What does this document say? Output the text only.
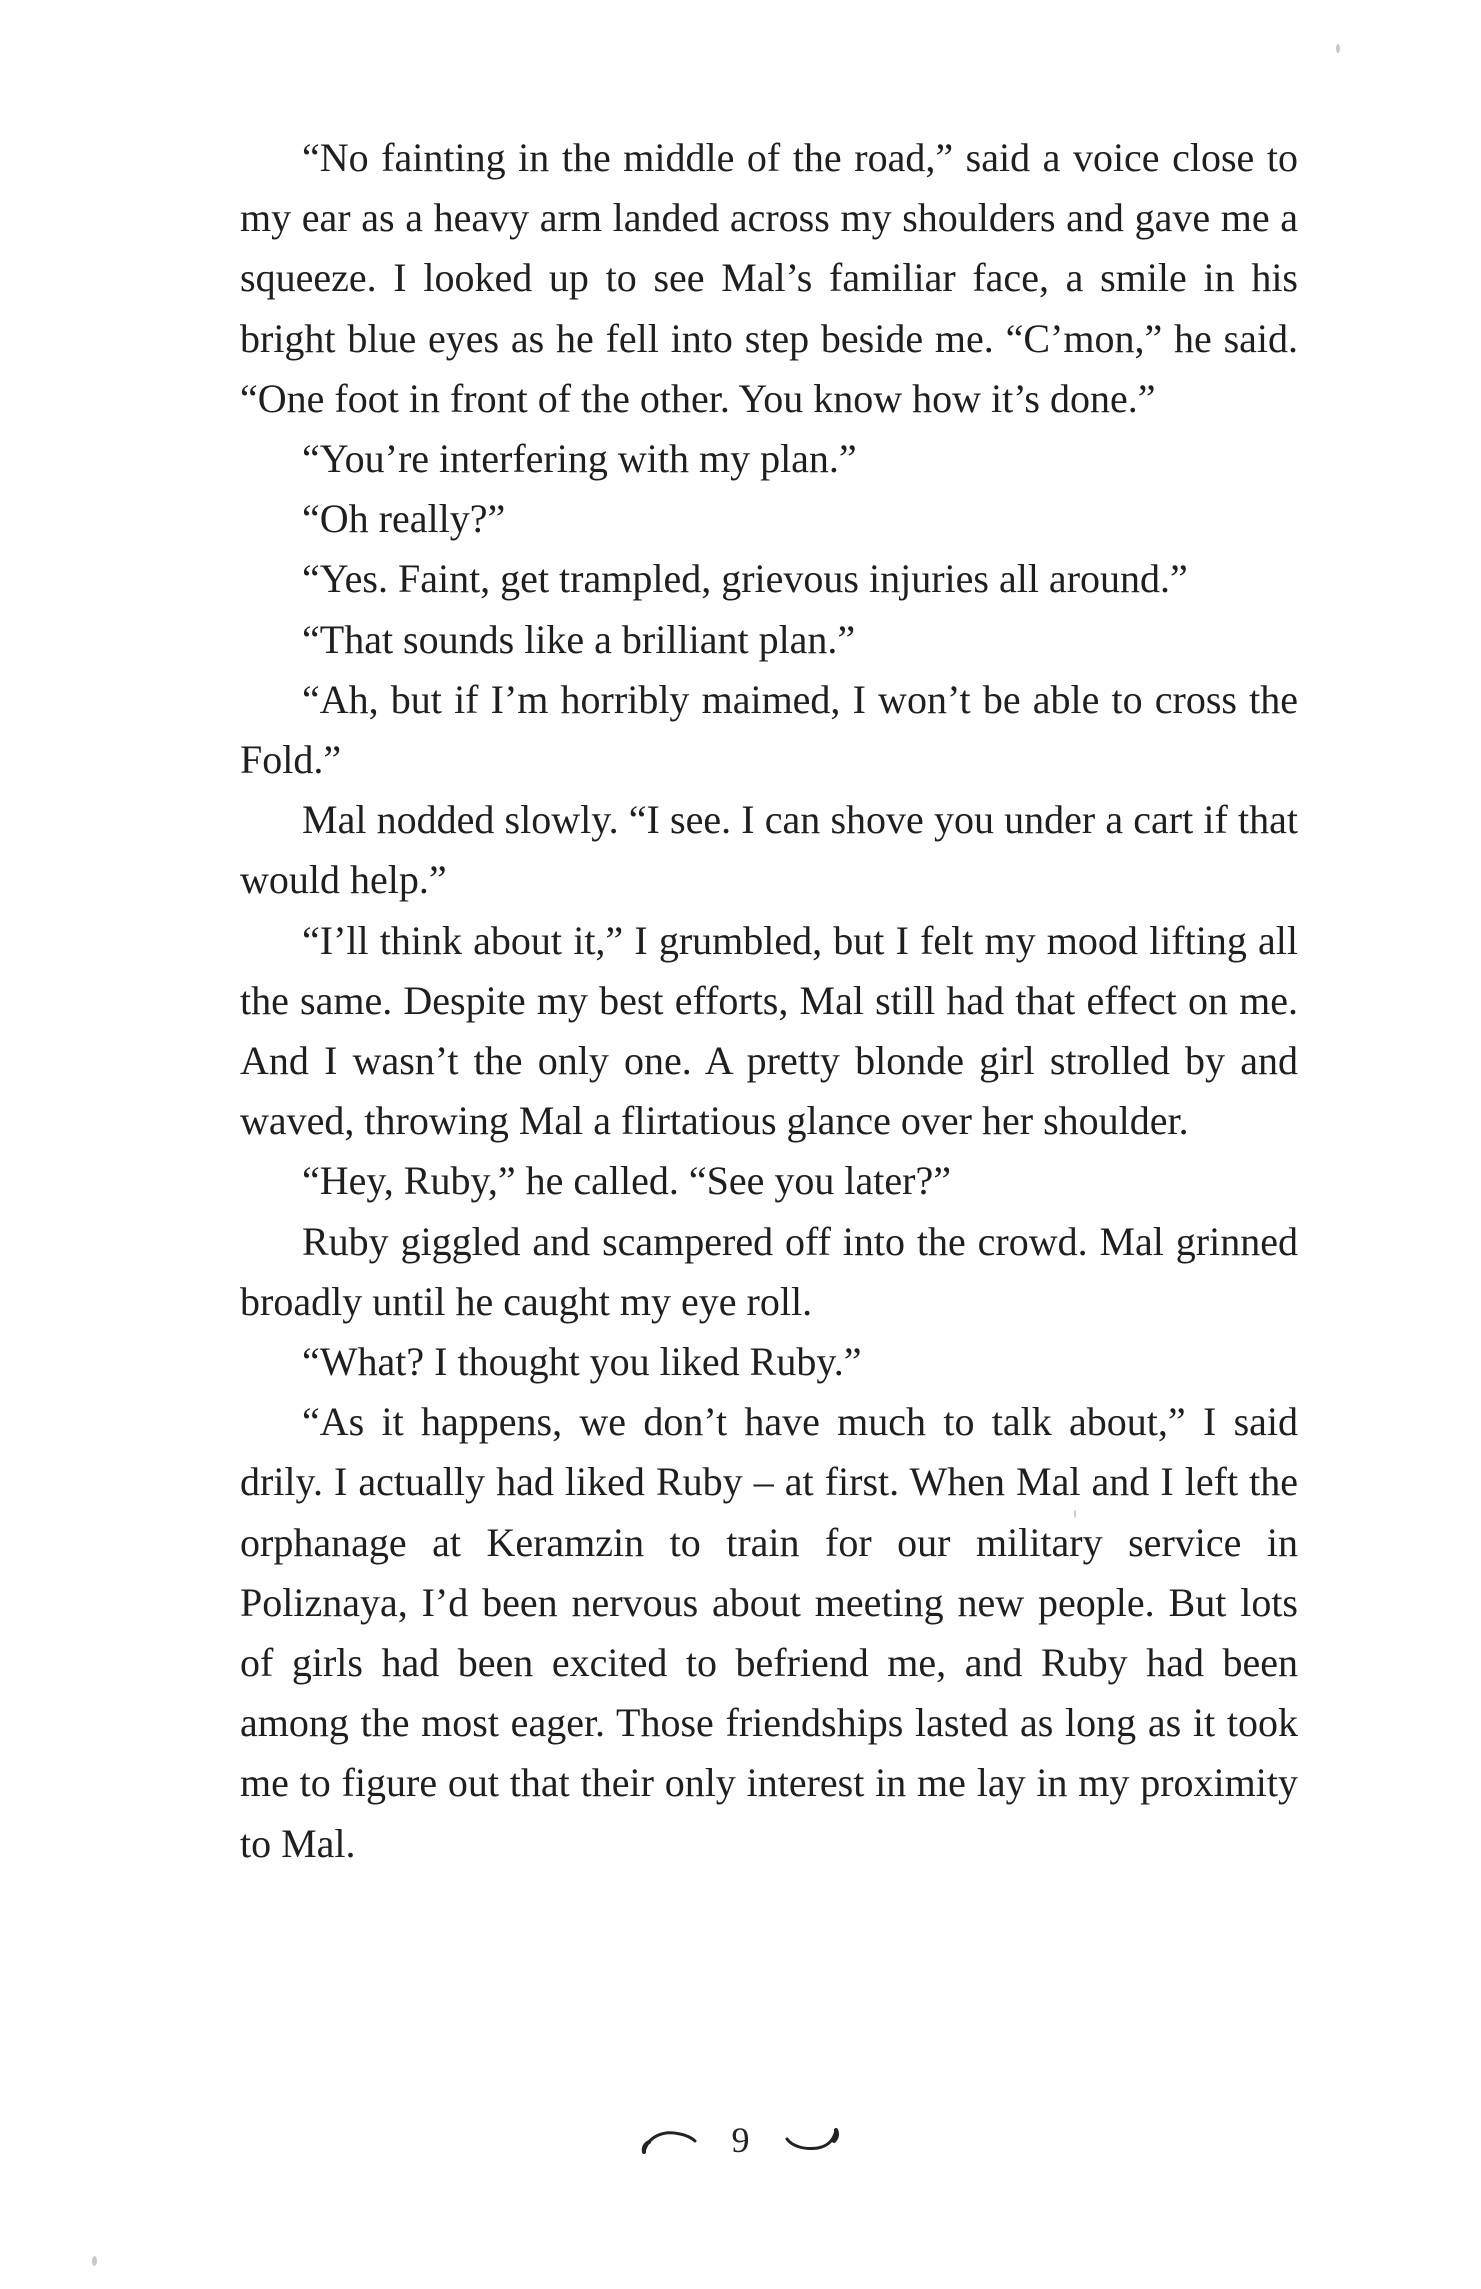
“No fainting in the middle of the road,” said a voice close to my ear as a heavy arm landed across my shoulders and gave me a squeeze. I looked up to see Mal’s familiar face, a smile in his bright blue eyes as he fell into step beside me. “C’mon,” he said. “One foot in front of the other. You know how it’s done.”

“You’re interfering with my plan.”

“Oh really?”

“Yes. Faint, get trampled, grievous injuries all around.”

“That sounds like a brilliant plan.”

“Ah, but if I’m horribly maimed, I won’t be able to cross the Fold.”

Mal nodded slowly. “I see. I can shove you under a cart if that would help.”

“I’ll think about it,” I grumbled, but I felt my mood lifting all the same. Despite my best efforts, Mal still had that effect on me. And I wasn’t the only one. A pretty blonde girl strolled by and waved, throwing Mal a flirtatious glance over her shoulder.

“Hey, Ruby,” he called. “See you later?”

Ruby giggled and scampered off into the crowd. Mal grinned broadly until he caught my eye roll.

“What? I thought you liked Ruby.”

“As it happens, we don’t have much to talk about,” I said drily. I actually had liked Ruby – at first. When Mal and I left the orphanage at Keramzin to train for our military service in Poliznaya, I’d been nervous about meeting new people. But lots of girls had been excited to befriend me, and Ruby had been among the most eager. Those friendships lasted as long as it took me to figure out that their only interest in me lay in my proximity to Mal.

9
